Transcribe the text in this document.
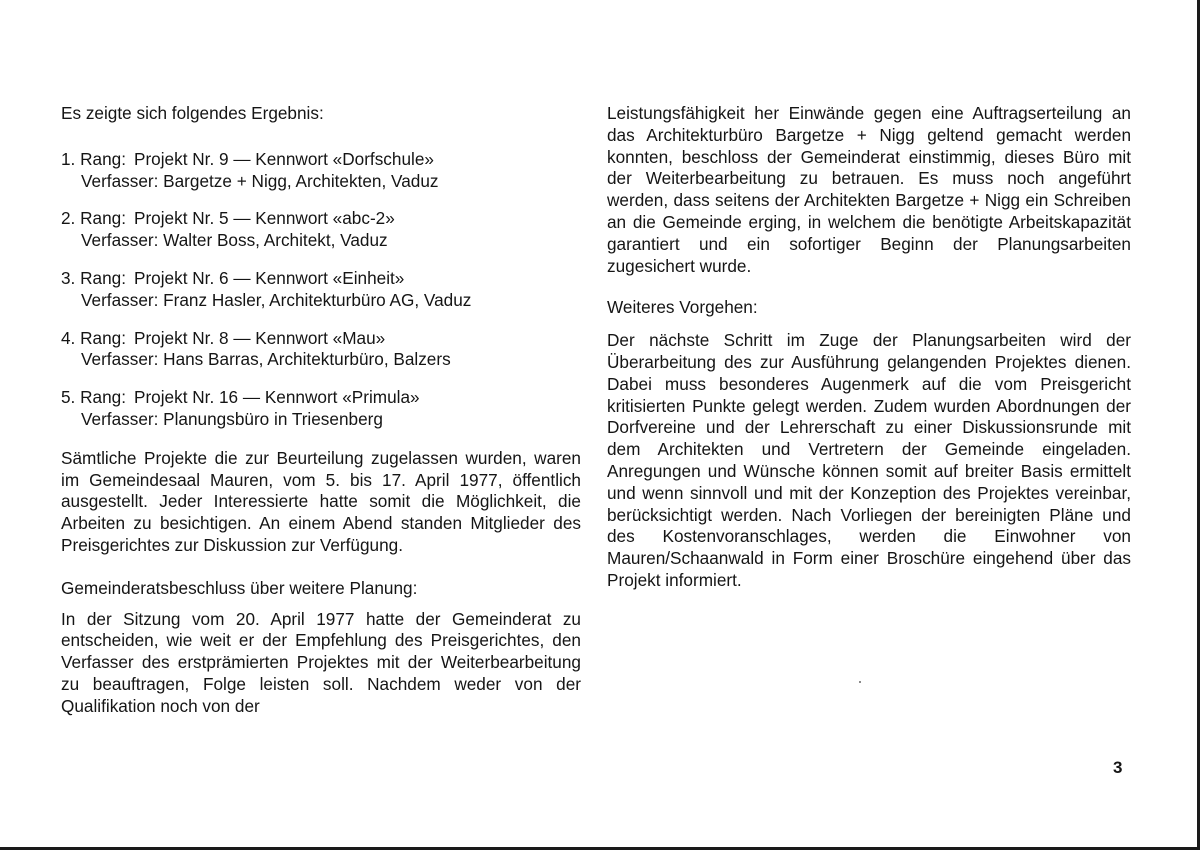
Es zeigte sich folgendes Ergebnis:

1. Rang: Projekt Nr. 9 — Kennwort «Dorfschule»
Verfasser: Bargetze + Nigg, Architekten, Vaduz
2. Rang: Projekt Nr. 5 — Kennwort «abc-2»
Verfasser: Walter Boss, Architekt, Vaduz
3. Rang: Projekt Nr. 6 — Kennwort «Einheit»
Verfasser: Franz Hasler, Architekturbüro AG, Vaduz
4. Rang: Projekt Nr. 8 — Kennwort «Mau»
Verfasser: Hans Barras, Architekturbüro, Balzers
5. Rang: Projekt Nr. 16 — Kennwort «Primula»
Verfasser: Planungsbüro in Triesenberg

Sämtliche Projekte die zur Beurteilung zugelassen wurden, waren im Gemeindesaal Mauren, vom 5. bis 17. April 1977, öffentlich ausgestellt. Jeder Interessierte hatte somit die Möglichkeit, die Arbeiten zu besichtigen. An einem Abend standen Mitglieder des Preisgerichtes zur Diskussion zur Verfügung.

Gemeinderatsbeschluss über weitere Planung:

In der Sitzung vom 20. April 1977 hatte der Gemeinderat zu entscheiden, wie weit er der Empfehlung des Preisgerichtes, den Verfasser des erstprämierten Projektes mit der Weiterbearbeitung zu beauftragen, Folge leisten soll. Nachdem weder von der Qualifikation noch von der

Leistungsfähigkeit her Einwände gegen eine Auftragserteilung an das Architekturbüro Bargetze + Nigg geltend gemacht werden konnten, beschloss der Gemeinderat einstimmig, dieses Büro mit der Weiterbearbeitung zu betrauen. Es muss noch angeführt werden, dass seitens der Architekten Bargetze + Nigg ein Schreiben an die Gemeinde erging, in welchem die benötigte Arbeitskapazität garantiert und ein sofortiger Beginn der Planungsarbeiten zugesichert wurde.

Weiteres Vorgehen:

Der nächste Schritt im Zuge der Planungsarbeiten wird der Überarbeitung des zur Ausführung gelangenden Projektes dienen. Dabei muss besonderes Augenmerk auf die vom Preisgericht kritisierten Punkte gelegt werden. Zudem wurden Abordnungen der Dorfvereine und der Lehrerschaft zu einer Diskussionsrunde mit dem Architekten und Vertretern der Gemeinde eingeladen. Anregungen und Wünsche können somit auf breiter Basis ermittelt und wenn sinnvoll und mit der Konzeption des Projektes vereinbar, berücksichtigt werden. Nach Vorliegen der bereinigten Pläne und des Kostenvoranschlages, werden die Einwohner von Mauren/Schaanwald in Form einer Broschüre eingehend über das Projekt informiert.

3
